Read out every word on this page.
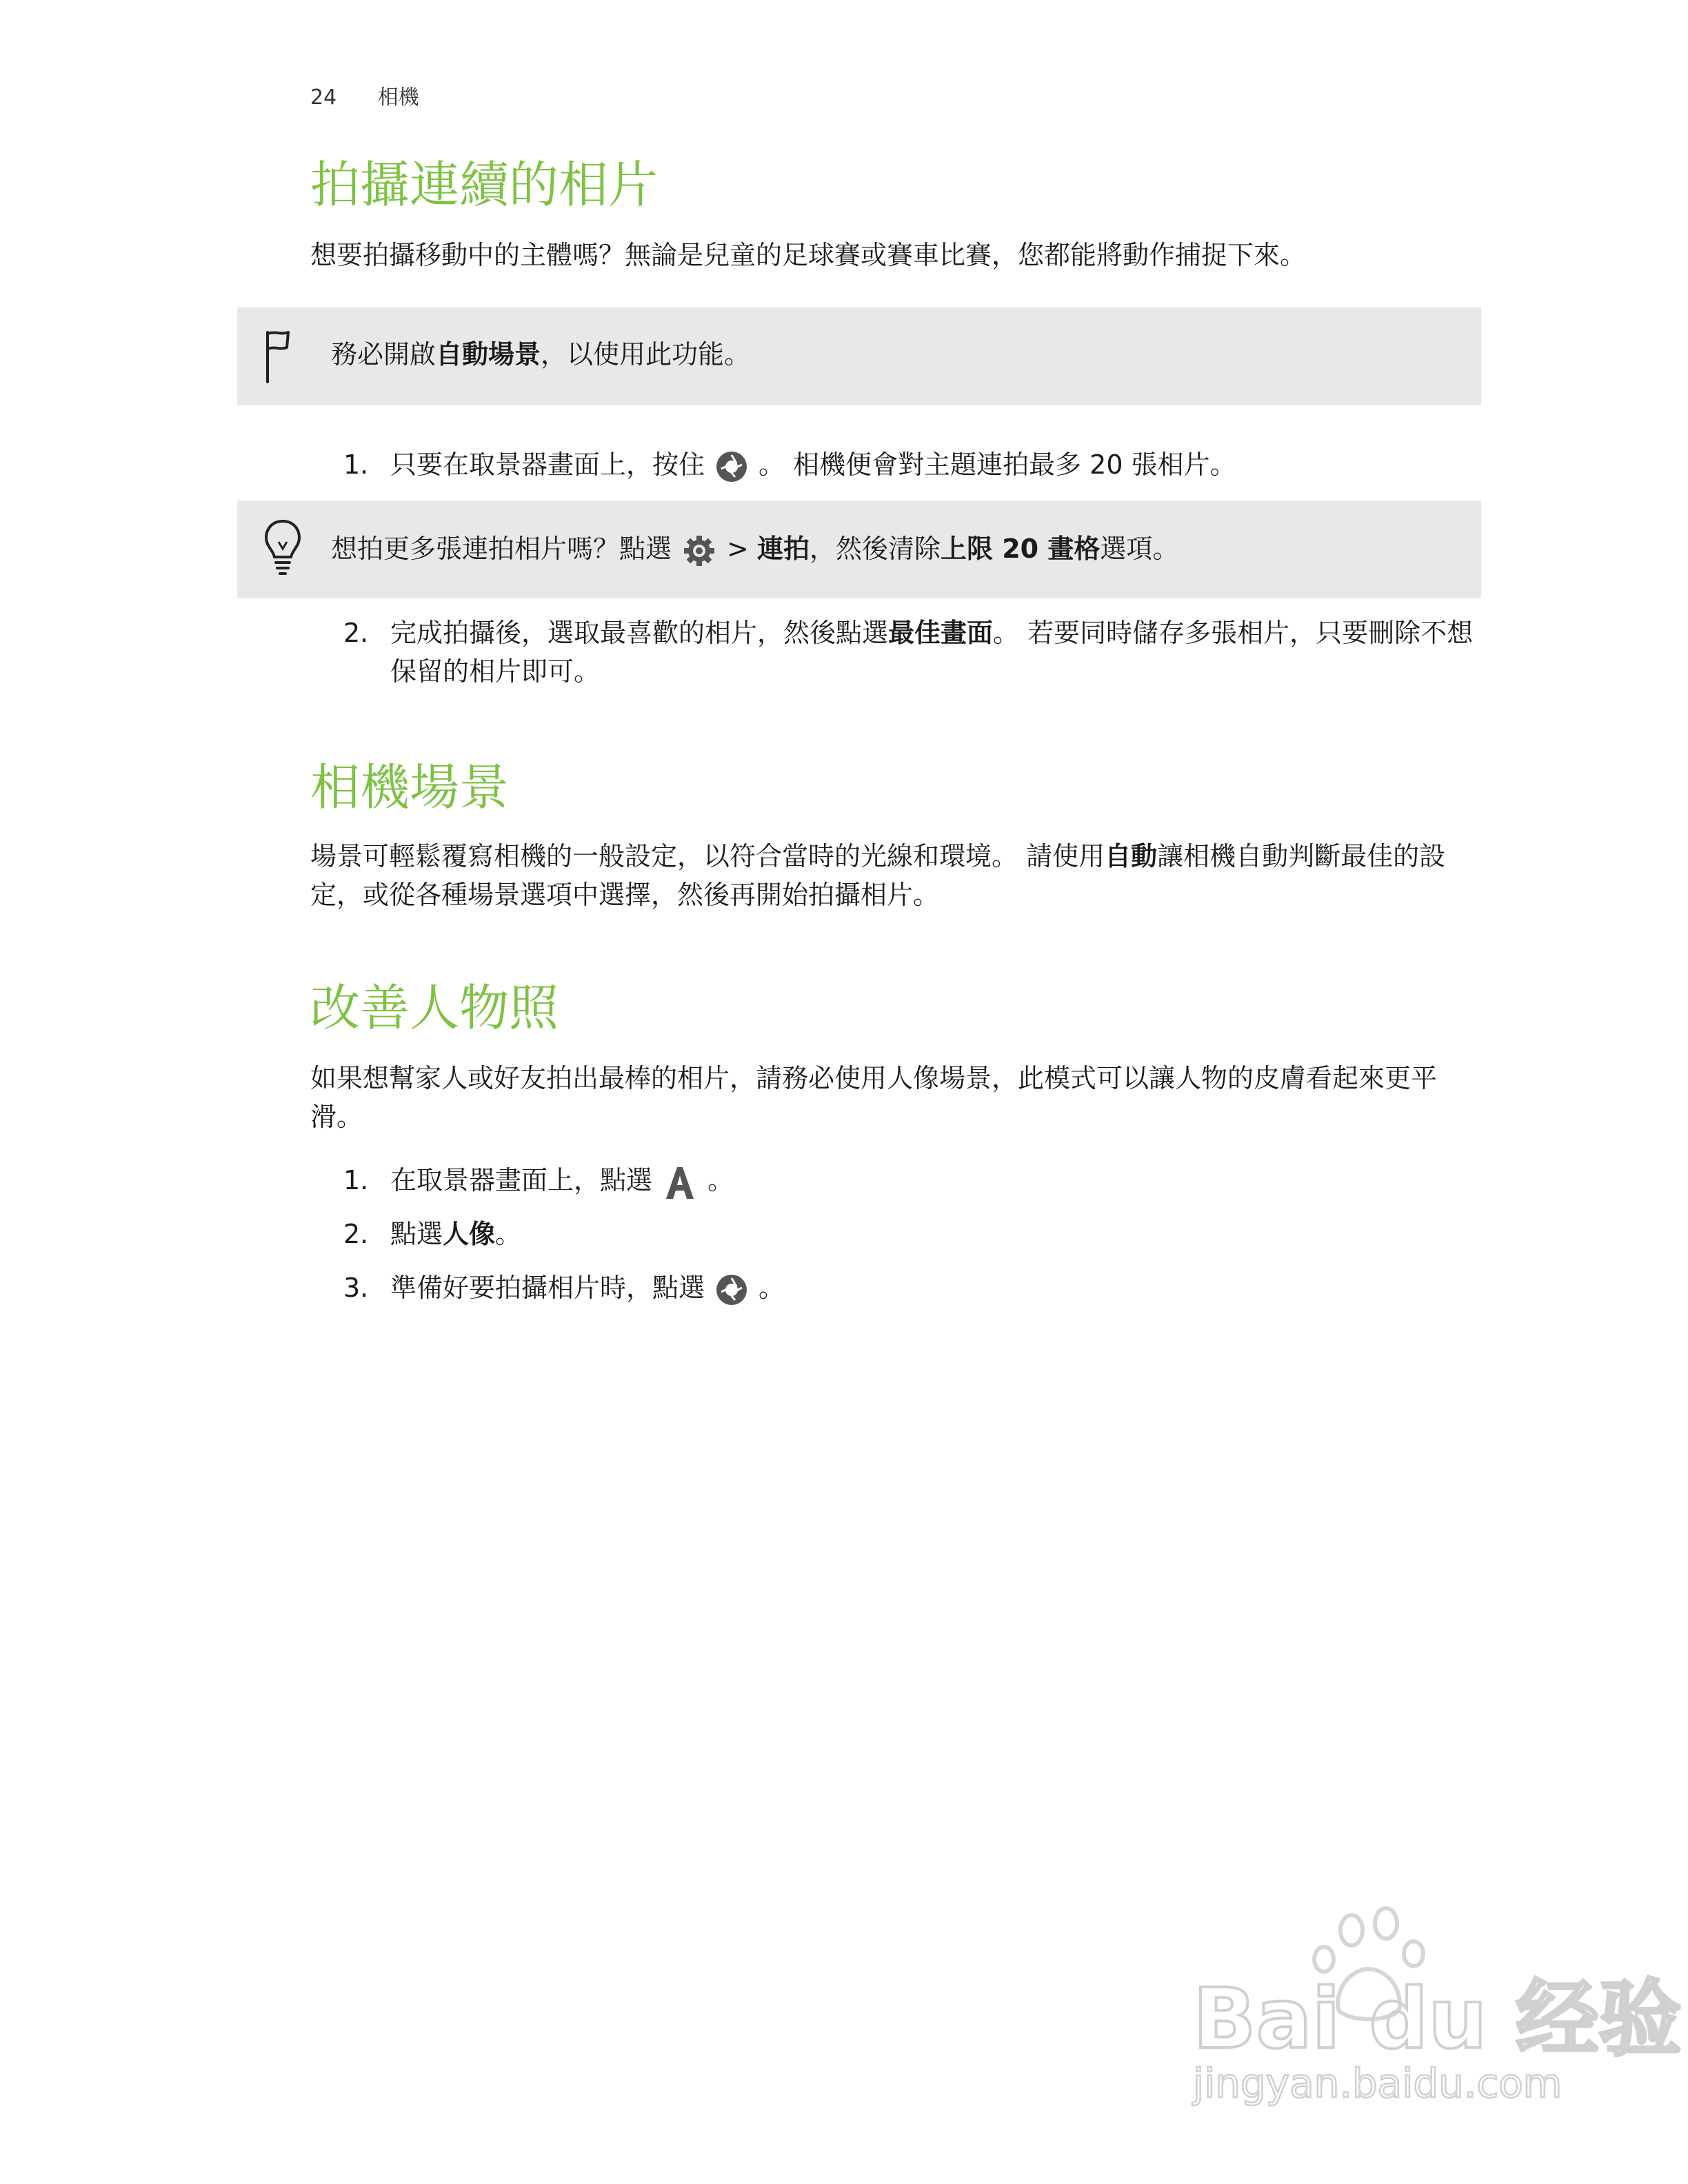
24 相機
拍攝連續的相片

想要拍攝移動中的主體嗎？無論是兒童的足球賽或賽車比賽，您都能將動作捕捉下來。

務必開啟自動場景，以使用此功能。
1. 只要在取景器畫面上，按住 。 相機便會對主題連拍最多 20 張相片。
想拍更多張連拍相片嗎？點選 > 連拍，然後清除上限 20 畫格選項。
2. 完成拍攝後，選取最喜歡的相片，然後點選最佳畫面。 若要同時儲存多張相片，只要刪除不想保留的相片即可。
相機場景

場景可輕鬆覆寫相機的一般設定，以符合當時的光線和環境。 請使用自動讓相機自動判斷最佳的設定，或從各種場景選項中選擇，然後再開始拍攝相片。

改善人物照

如果想幫家人或好友拍出最棒的相片，請務必使用人像場景，此模式可以讓人物的皮膚看起來更平滑。

1. 在取景器畫面上，點選 。
2. 點選人像。
3. 準備好要拍攝相片時，點選 。
Bai du 经验
jingyan.baidu.com
